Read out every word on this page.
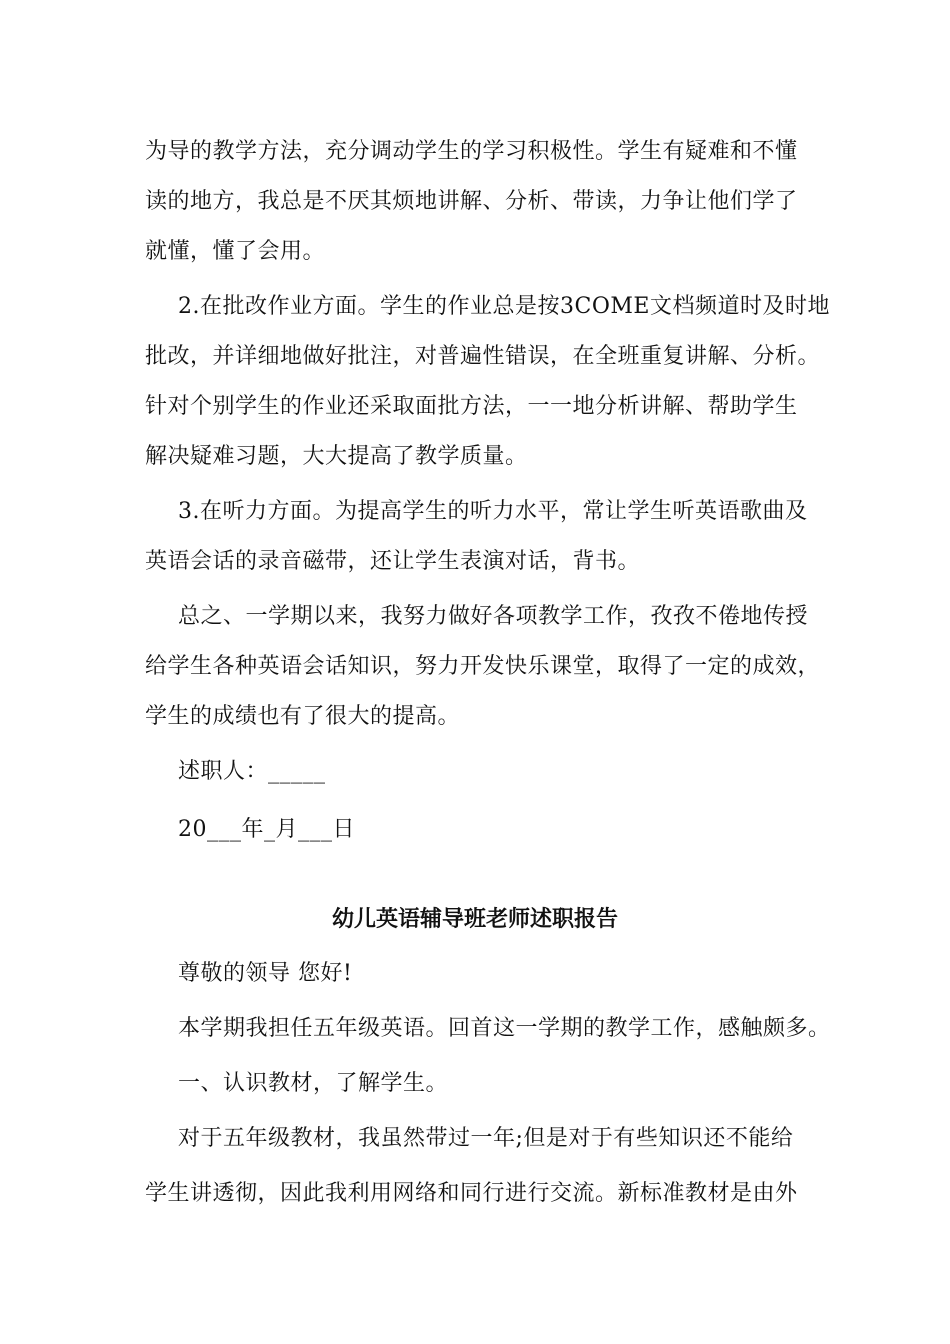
为导的教学方法，充分调动学生的学习积极性。学生有疑难和不懂

读的地方，我总是不厌其烦地讲解、分析、带读，力争让他们学了

就懂，懂了会用。

2.在批改作业方面。学生的作业总是按3COME文档频道时及时地

批改，并详细地做好批注，对普遍性错误，在全班重复讲解、分析。

针对个别学生的作业还采取面批方法，一一地分析讲解、帮助学生

解决疑难习题，大大提高了教学质量。

3.在听力方面。为提高学生的听力水平，常让学生听英语歌曲及

英语会话的录音磁带，还让学生表演对话，背书。

总之、一学期以来，我努力做好各项教学工作，孜孜不倦地传授

给学生各种英语会话知识，努力开发快乐课堂，取得了一定的成效，

学生的成绩也有了很大的提高。

述职人：_____

20___年_月___日

幼儿英语辅导班老师述职报告

尊敬的领导 您好!

本学期我担任五年级英语。回首这一学期的教学工作，感触颇多。

一、认识教材，了解学生。

对于五年级教材，我虽然带过一年;但是对于有些知识还不能给

学生讲透彻，因此我利用网络和同行进行交流。新标准教材是由外
